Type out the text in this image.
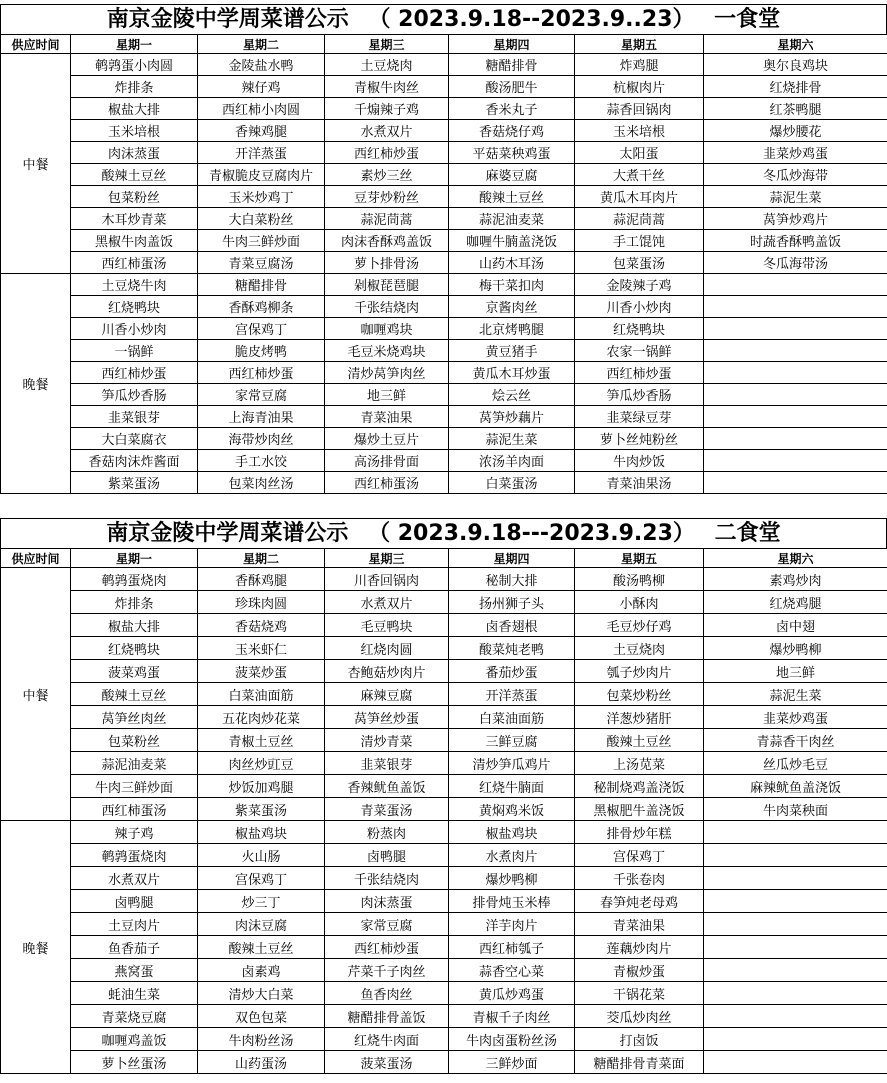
南京金陵中学周菜谱公示 （ 2023.9.18--2023.9..23） 一食堂
供应时间	星期一	星期二	星期三	星期四	星期五	星期六
中餐	鹌鹑蛋小肉圆	金陵盐水鸭	土豆烧肉	糖醋排骨	炸鸡腿	奥尔良鸡块
	炸排条	辣仔鸡	青椒牛肉丝	酸汤肥牛	杭椒肉片	红烧排骨
	椒盐大排	西红柿小肉圆	千煽辣子鸡	香米丸子	蒜香回锅肉	红茶鸭腿
	玉米培根	香辣鸡腿	水煮双片	香菇烧仔鸡	玉米培根	爆炒腰花
	肉沫蒸蛋	开洋蒸蛋	西红柿炒蛋	平菇菜秧鸡蛋	太阳蛋	韭菜炒鸡蛋
	酸辣土豆丝	青椒脆皮豆腐肉片	素炒三丝	麻婆豆腐	大煮干丝	冬瓜炒海带
	包菜粉丝	玉米炒鸡丁	豆芽炒粉丝	酸辣土豆丝	黄瓜木耳肉片	蒜泥生菜
	木耳炒青菜	大白菜粉丝	蒜泥茼蒿	蒜泥油麦菜	蒜泥茼蒿	莴笋炒鸡片
	黑椒牛肉盖饭	牛肉三鲜炒面	肉沫香酥鸡盖饭	咖喱牛腩盖浇饭	手工馄饨	时蔬香酥鸭盖饭
	西红柿蛋汤	青菜豆腐汤	萝卜排骨汤	山药木耳汤	包菜蛋汤	冬瓜海带汤
晚餐	土豆烧牛肉	糖醋排骨	剁椒琵琶腿	梅干菜扣肉	金陵辣子鸡	
	红烧鸭块	香酥鸡柳条	千张结烧肉	京酱肉丝	川香小炒肉	
	川香小炒肉	宫保鸡丁	咖喱鸡块	北京烤鸭腿	红烧鸭块	
	一锅鲜	脆皮烤鸭	毛豆米烧鸡块	黄豆猪手	农家一锅鲜	
	西红柿炒蛋	西红柿炒蛋	清炒莴笋肉丝	黄瓜木耳炒蛋	西红柿炒蛋	
	笋瓜炒香肠	家常豆腐	地三鲜	烩云丝	笋瓜炒香肠	
	韭菜银芽	上海青油果	青菜油果	莴笋炒藕片	韭菜绿豆芽	
	大白菜腐衣	海带炒肉丝	爆炒土豆片	蒜泥生菜	萝卜丝炖粉丝	
	香菇肉沫炸酱面	手工水饺	高汤排骨面	浓汤羊肉面	牛肉炒饭	
	紫菜蛋汤	包菜肉丝汤	西红柿蛋汤	白菜蛋汤	青菜油果汤	
南京金陵中学周菜谱公示 （ 2023.9.18---2023.9.23） 二食堂
供应时间	星期一	星期二	星期三	星期四	星期五	星期六
中餐	鹌鹑蛋烧肉	香酥鸡腿	川香回锅肉	秘制大排	酸汤鸭柳	素鸡炒肉
	炸排条	珍珠肉圆	水煮双片	扬州狮子头	小酥肉	红烧鸡腿
	椒盐大排	香菇烧鸡	毛豆鸭块	卤香翅根	毛豆炒仔鸡	卤中翅
	红烧鸭块	玉米虾仁	红烧肉圆	酸菜炖老鸭	土豆烧肉	爆炒鸭柳
	菠菜鸡蛋	菠菜炒蛋	杏鲍菇炒肉片	番茄炒蛋	瓠子炒肉片	地三鲜
	酸辣土豆丝	白菜油面筋	麻辣豆腐	开洋蒸蛋	包菜炒粉丝	蒜泥生菜
	莴笋丝肉丝	五花肉炒花菜	莴笋丝炒蛋	白菜油面筋	洋葱炒猪肝	韭菜炒鸡蛋
	包菜粉丝	青椒土豆丝	清炒青菜	三鲜豆腐	酸辣土豆丝	青蒜香干肉丝
	蒜泥油麦菜	肉丝炒豇豆	韭菜银芽	清炒笋瓜鸡片	上汤苋菜	丝瓜炒毛豆
	牛肉三鲜炒面	炒饭加鸡腿	香辣鱿鱼盖饭	红烧牛腩面	秘制烧鸡盖浇饭	麻辣鱿鱼盖浇饭
	西红柿蛋汤	紫菜蛋汤	青菜蛋汤	黄焖鸡米饭	黑椒肥牛盖浇饭	牛肉菜秧面
晚餐	辣子鸡	椒盐鸡块	粉蒸肉	椒盐鸡块	排骨炒年糕	
	鹌鹑蛋烧肉	火山肠	卤鸭腿	水煮肉片	宫保鸡丁	
	水煮双片	宫保鸡丁	千张结烧肉	爆炒鸭柳	千张卷肉	
	卤鸭腿	炒三丁	肉沫蒸蛋	排骨炖玉米棒	春笋炖老母鸡	
	土豆肉片	肉沫豆腐	家常豆腐	洋芋肉片	青菜油果	
	鱼香茄子	酸辣土豆丝	西红柿炒蛋	西红柿瓠子	莲藕炒肉片	
	燕窝蛋	卤素鸡	芹菜千子肉丝	蒜香空心菜	青椒炒蛋	
	蚝油生菜	清炒大白菜	鱼香肉丝	黄瓜炒鸡蛋	干锅花菜	
	青菜烧豆腐	双色包菜	糖醋排骨盖饭	青椒千子肉丝	茭瓜炒肉丝	
	咖喱鸡盖饭	牛肉粉丝汤	红烧牛肉面	牛肉卤蛋粉丝汤	打卤饭	
	萝卜丝蛋汤	山药蛋汤	菠菜蛋汤	三鲜炒面	糖醋排骨青菜面	
